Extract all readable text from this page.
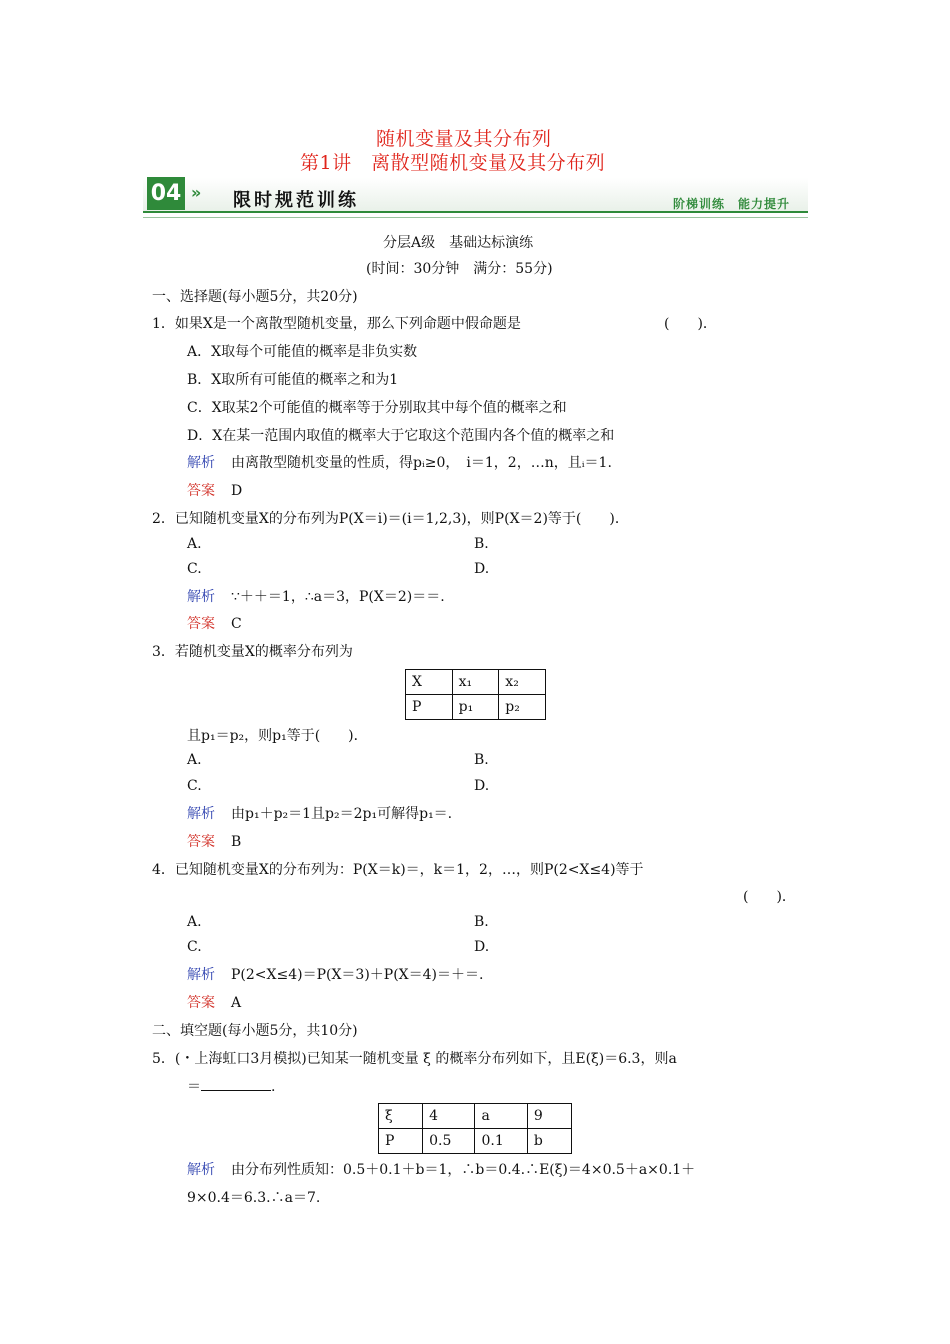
随机变量及其分布列
第1讲　离散型随机变量及其分布列
04 » 限时规范训练	阶梯训练　能力提升
分层A级　基础达标演练
(时间：30分钟　满分：55分)
一、选择题(每小题5分，共20分)
1．如果X是一个离散型随机变量，那么下列命题中假命题是	(　　)．
A．X取每个可能值的概率是非负实数
B．X取所有可能值的概率之和为1
C．X取某2个可能值的概率等于分别取其中每个值的概率之和
D．X在某一范围内取值的概率大于它取这个范围内各个值的概率之和
解析 由离散型随机变量的性质，得pᵢ≥0，　i＝1，2，…n，且ᵢ＝1.
答案 D
2．已知随机变量X的分布列为P(X＝i)＝(i＝1,2,3)，则P(X＝2)等于(　　)．
A.	B.
C.	D.
解析 ∵＋＋＝1，∴a＝3，P(X＝2)＝＝.
答案 C
3．若随机变量X的概率分布列为
X	x₁	x₂
P	p₁	p₂
且p₁＝p₂，则p₁等于(　　)．
A.	B.
C.	D.
解析 由p₁＋p₂＝1且p₂＝2p₁可解得p₁＝.
答案 B
4．已知随机变量X的分布列为：P(X＝k)＝，k＝1，2，…，则P(2<X≤4)等于
(　　)．
A.	B.
C.	D.
解析 P(2<X≤4)＝P(X＝3)＋P(X＝4)＝＋＝.
答案 A
二、填空题(每小题5分，共10分)
5．(・上海虹口3月模拟)已知某一随机变量 ξ 的概率分布列如下，且E(ξ)＝6.3，则a
＝	.
ξ	4	a	9
P	0.5	0.1	b
解析 由分布列性质知：0.5＋0.1＋b＝1，∴b＝0.4.∴E(ξ)＝4×0.5＋a×0.1＋
9×0.4＝6.3.∴a＝7.
